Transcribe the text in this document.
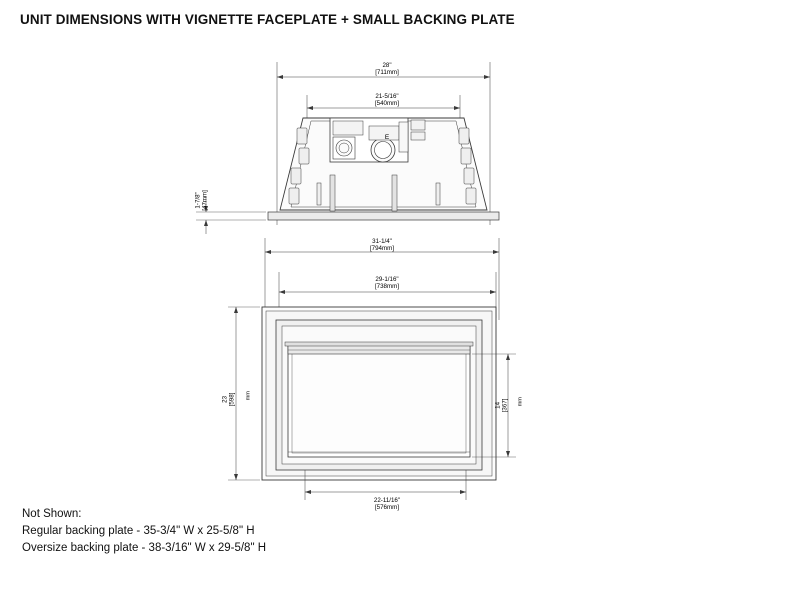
UNIT DIMENSIONS WITH VIGNETTE FACEPLATE + SMALL BACKING PLATE
E
28"
[711mm]
21-5/16"
[540mm]
1-7/8" [47mm]
31-1/4"
[794mm]
29-1/16"
[738mm]
23 [598] mm
14 [367] mm
22-11/16"
[576mm]
Not Shown:
Regular backing plate - 35-3/4" W x 25-5/8" H
Oversize backing plate - 38-3/16" W x 29-5/8" H
